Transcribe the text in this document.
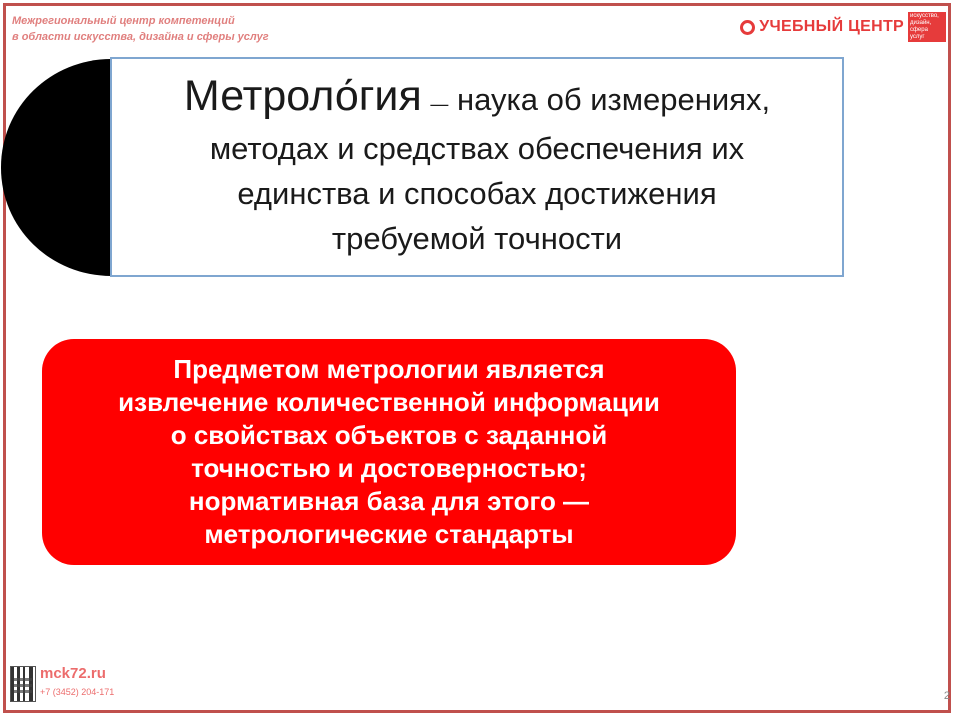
Межрегиональный центр компетенций
в области искусства, дизайна и сферы услуг
УЧЕБНЫЙ ЦЕНТР
искусство, дизайн, сфера услуг
Метроло́гия — наука об измерениях,
методах и средствах обеспечения их
единства и способах достижения
требуемой точности
Предметом метрологии является
извлечение количественной информации
о свойствах объектов с заданной
точностью и достоверностью;
нормативная база для этого —
метрологические стандарты
mck72.ru
+7 (3452) 204-171	2
